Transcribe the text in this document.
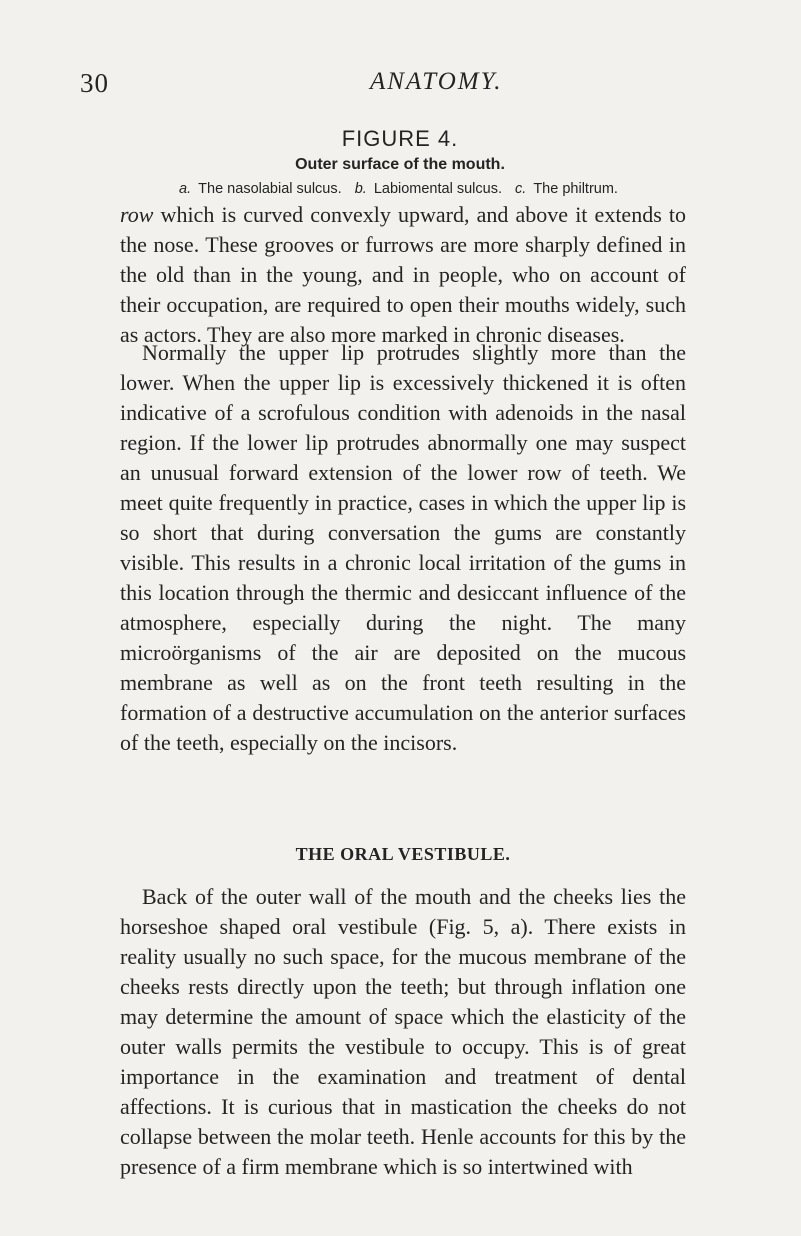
30	ANATOMY.
FIGURE 4.
Outer surface of the mouth.
a. The nasolabial sulcus. b. Labiomental sulcus. c. The philtrum.

row which is curved convexly upward, and above it extends to the nose. These grooves or furrows are more sharply defined in the old than in the young, and in people, who on account of their occupation, are required to open their mouths widely, such as actors. They are also more marked in chronic diseases.

Normally the upper lip protrudes slightly more than the lower. When the upper lip is excessively thickened it is often indicative of a scrofulous condition with adenoids in the nasal region. If the lower lip protrudes abnormally one may suspect an unusual forward extension of the lower row of teeth. We meet quite frequently in practice, cases in which the upper lip is so short that during conversation the gums are constantly visible. This results in a chronic local irritation of the gums in this location through the thermic and desiccant influence of the atmosphere, especially during the night. The many microörganisms of the air are deposited on the mucous membrane as well as on the front teeth resulting in the formation of a destructive accumulation on the anterior surfaces of the teeth, especially on the incisors.

THE ORAL VESTIBULE.

Back of the outer wall of the mouth and the cheeks lies the horseshoe shaped oral vestibule (Fig. 5, a). There exists in reality usually no such space, for the mucous membrane of the cheeks rests directly upon the teeth; but through inflation one may determine the amount of space which the elasticity of the outer walls permits the vestibule to occupy. This is of great importance in the examination and treatment of dental affections. It is curious that in mastication the cheeks do not collapse between the molar teeth. Henle accounts for this by the presence of a firm membrane which is so intertwined with
